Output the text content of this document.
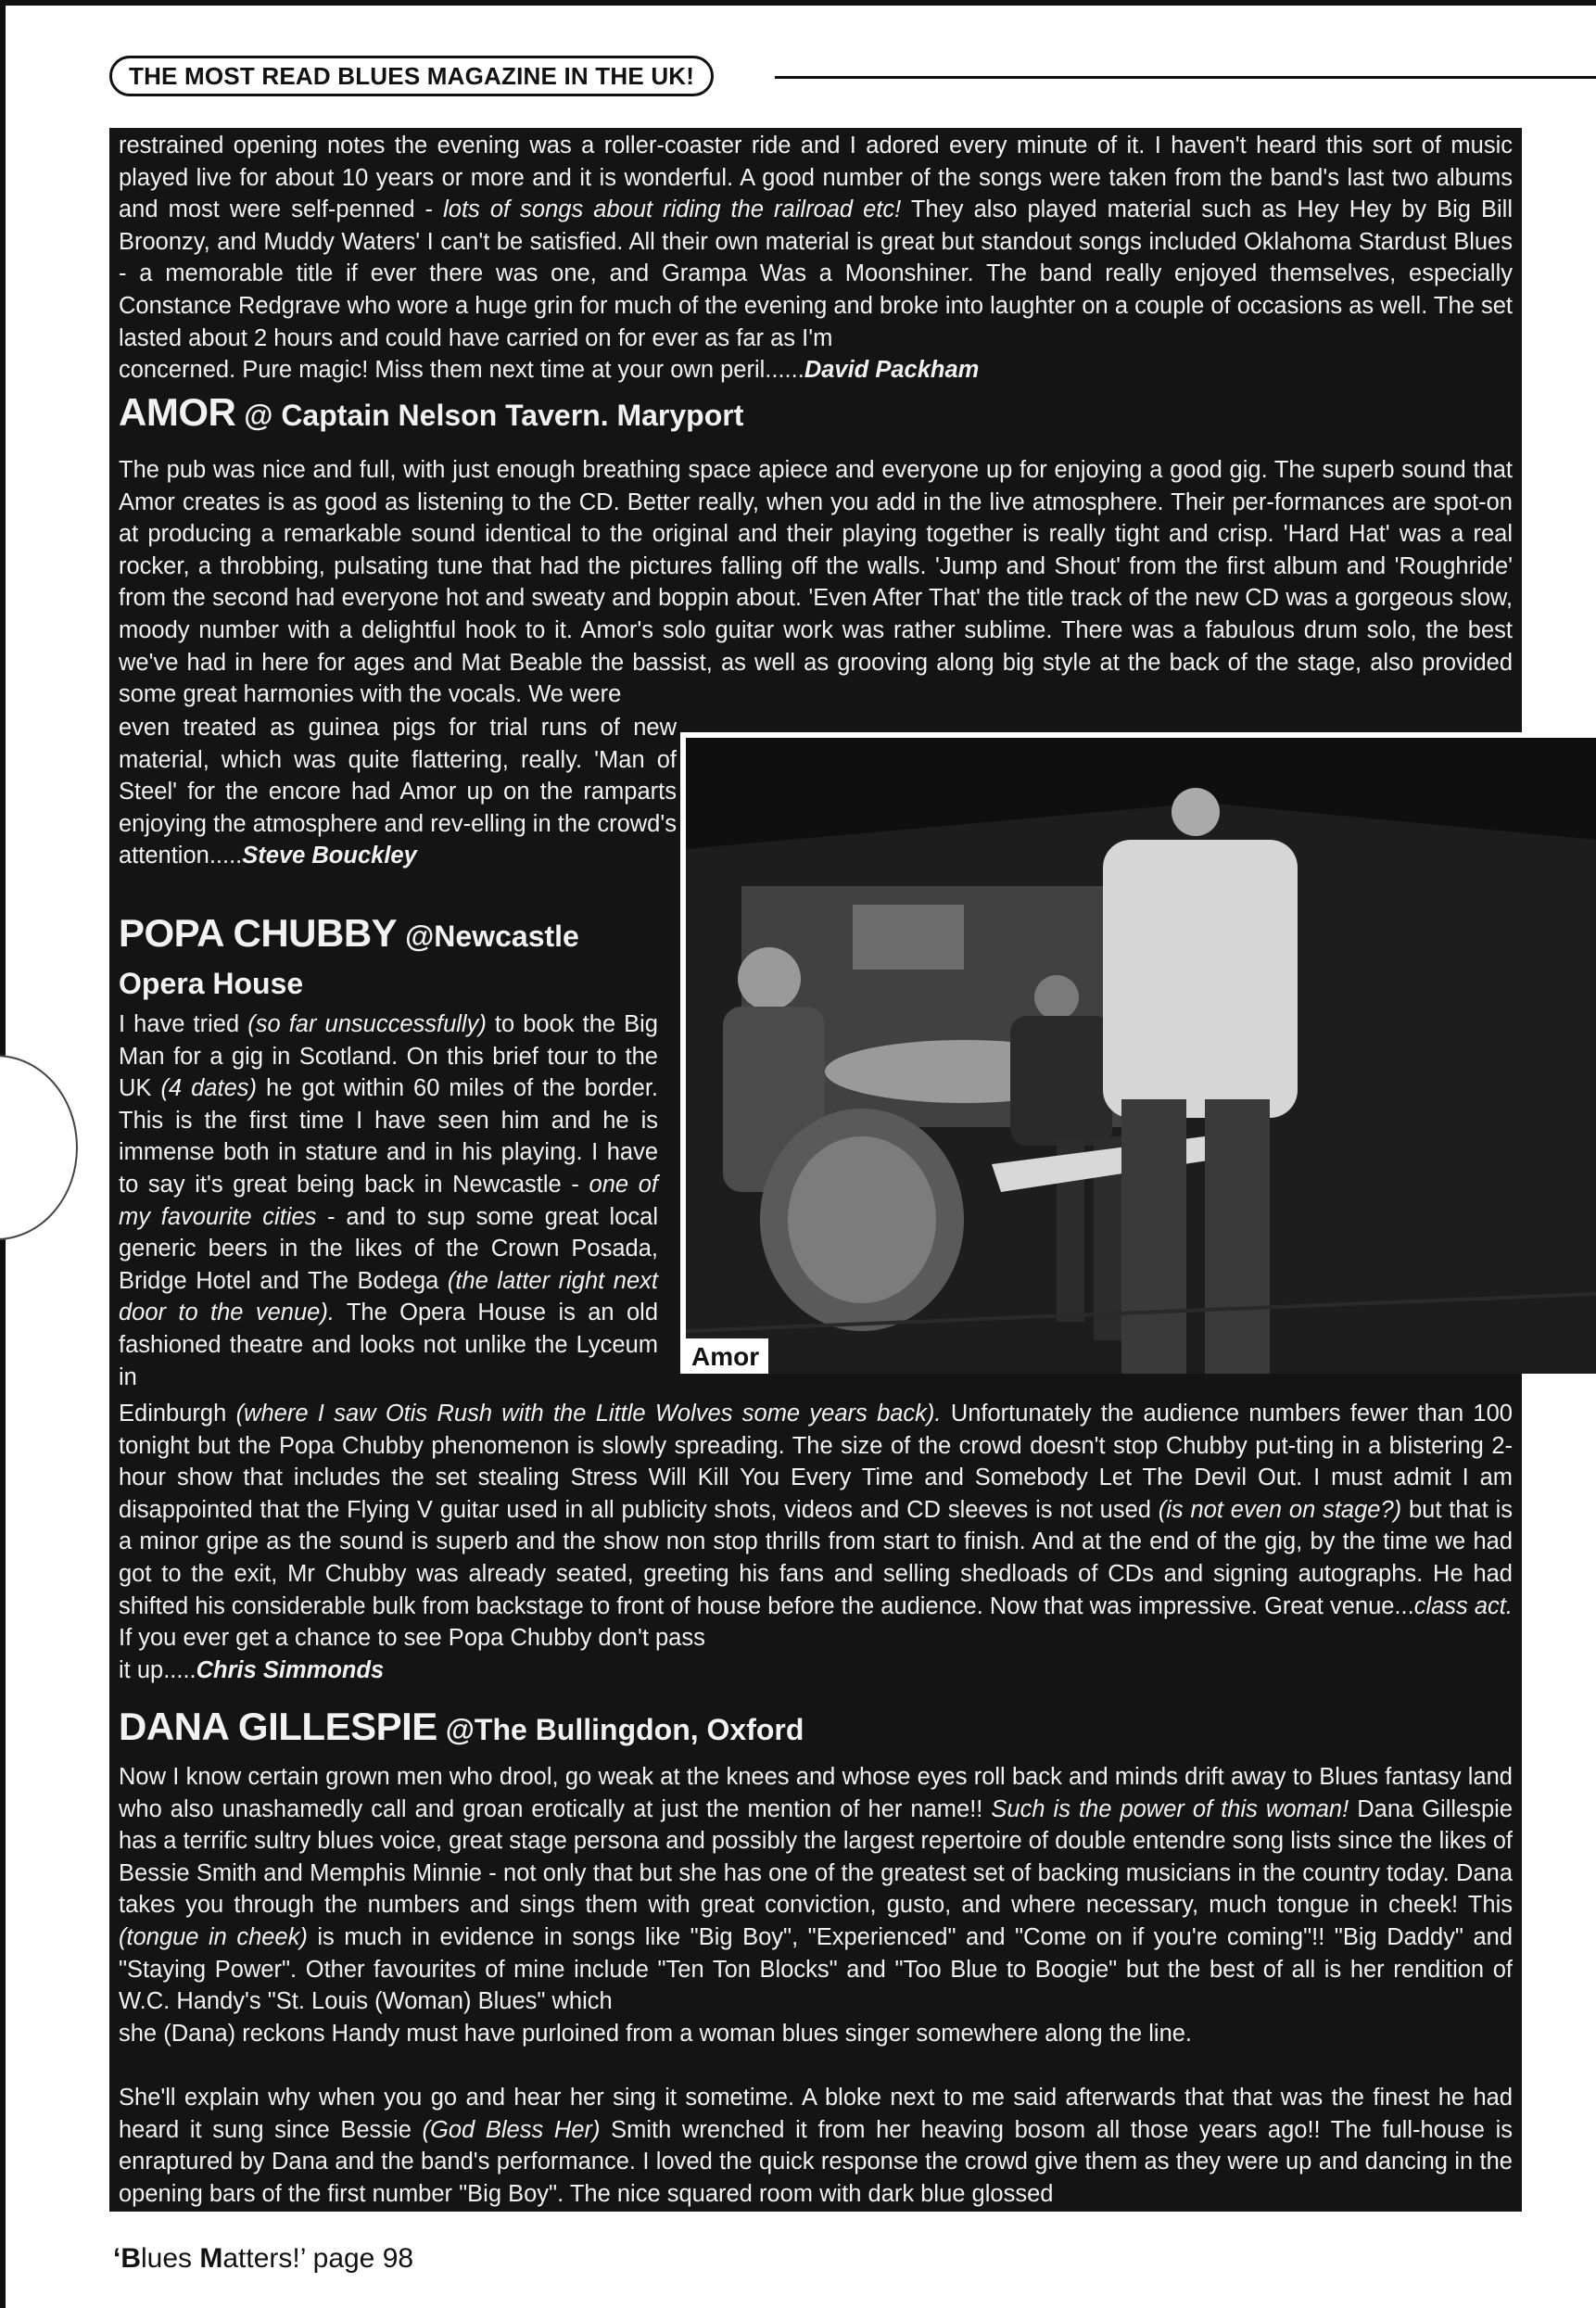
THE MOST READ BLUES MAGAZINE IN THE UK!
restrained opening notes the evening was a roller-coaster ride and I adored every minute of it. I haven't heard this sort of music played live for about 10 years or more and it is wonderful. A good number of the songs were taken from the band's last two albums and most were self-penned - lots of songs about riding the railroad etc! They also played material such as Hey Hey by Big Bill Broonzy, and Muddy Waters' I can't be satisfied. All their own material is great but standout songs included Oklahoma Stardust Blues - a memorable title if ever there was one, and Grampa Was a Moonshiner. The band really enjoyed themselves, especially Constance Redgrave who wore a huge grin for much of the evening and broke into laughter on a couple of occasions as well. The set lasted about 2 hours and could have carried on for ever as far as I'm
concerned. Pure magic! Miss them next time at your own peril......David Packham
AMOR @ Captain Nelson Tavern. Maryport
The pub was nice and full, with just enough breathing space apiece and everyone up for enjoying a good gig. The superb sound that Amor creates is as good as listening to the CD. Better really, when you add in the live atmosphere. Their per-formances are spot-on at producing a remarkable sound identical to the original and their playing together is really tight and crisp. 'Hard Hat' was a real rocker, a throbbing, pulsating tune that had the pictures falling off the walls. 'Jump and Shout' from the first album and 'Roughride' from the second had everyone hot and sweaty and boppin about. 'Even After That' the title track of the new CD was a gorgeous slow, moody number with a delightful hook to it. Amor's solo guitar work was rather sublime. There was a fabulous drum solo, the best we've had in here for ages and Mat Beable the bassist, as well as grooving along big style at the back of the stage, also provided some great harmonies with the vocals. We were
even treated as guinea pigs for trial runs of new material, which was quite flattering, really. 'Man of Steel' for the encore had Amor up on the ramparts enjoying the atmosphere and rev-elling in the crowd's attention.....Steve Bouckley
POPA CHUBBY @Newcastle
Opera House
I have tried (so far unsuccessfully) to book the Big Man for a gig in Scotland. On this brief tour to the UK (4 dates) he got within 60 miles of the border. This is the first time I have seen him and he is immense both in stature and in his playing. I have to say it's great being back in Newcastle - one of my favourite cities - and to sup some great local generic beers in the likes of the Crown Posada, Bridge Hotel and The Bodega (the latter right next door to the venue). The Opera House is an old fashioned theatre and looks not unlike the Lyceum in
Edinburgh (where I saw Otis Rush with the Little Wolves some years back). Unfortunately the audience numbers fewer than 100 tonight but the Popa Chubby phenomenon is slowly spreading. The size of the crowd doesn't stop Chubby put-ting in a blistering 2-hour show that includes the set stealing Stress Will Kill You Every Time and Somebody Let The Devil Out. I must admit I am disappointed that the Flying V guitar used in all publicity shots, videos and CD sleeves is not used (is not even on stage?) but that is a minor gripe as the sound is superb and the show non stop thrills from start to finish. And at the end of the gig, by the time we had got to the exit, Mr Chubby was already seated, greeting his fans and selling shedloads of CDs and signing autographs. He had shifted his considerable bulk from backstage to front of house before the audience. Now that was impressive. Great venue...class act. If you ever get a chance to see Popa Chubby don't pass
it up.....Chris Simmonds
DANA GILLESPIE @The Bullingdon, Oxford
Now I know certain grown men who drool, go weak at the knees and whose eyes roll back and minds drift away to Blues fantasy land who also unashamedly call and groan erotically at just the mention of her name!! Such is the power of this woman! Dana Gillespie has a terrific sultry blues voice, great stage persona and possibly the largest repertoire of double entendre song lists since the likes of Bessie Smith and Memphis Minnie - not only that but she has one of the greatest set of backing musicians in the country today. Dana takes you through the numbers and sings them with great conviction, gusto, and where necessary, much tongue in cheek! This (tongue in cheek) is much in evidence in songs like "Big Boy", "Experienced" and "Come on if you're coming"!! "Big Daddy" and "Staying Power". Other favourites of mine include "Ten Ton Blocks" and "Too Blue to Boogie" but the best of all is her rendition of W.C. Handy's "St. Louis (Woman) Blues" which
she (Dana) reckons Handy must have purloined from a woman blues singer somewhere along the line.
She'll explain why when you go and hear her sing it sometime. A bloke next to me said afterwards that that was the finest he had heard it sung since Bessie (God Bless Her) Smith wrenched it from her heaving bosom all those years ago!! The full-house is enraptured by Dana and the band's performance. I loved the quick response the crowd give them as they were up and dancing in the opening bars of the first number "Big Boy". The nice squared room with dark blue glossed
Amor
‘Blues Matters!’ page 98
